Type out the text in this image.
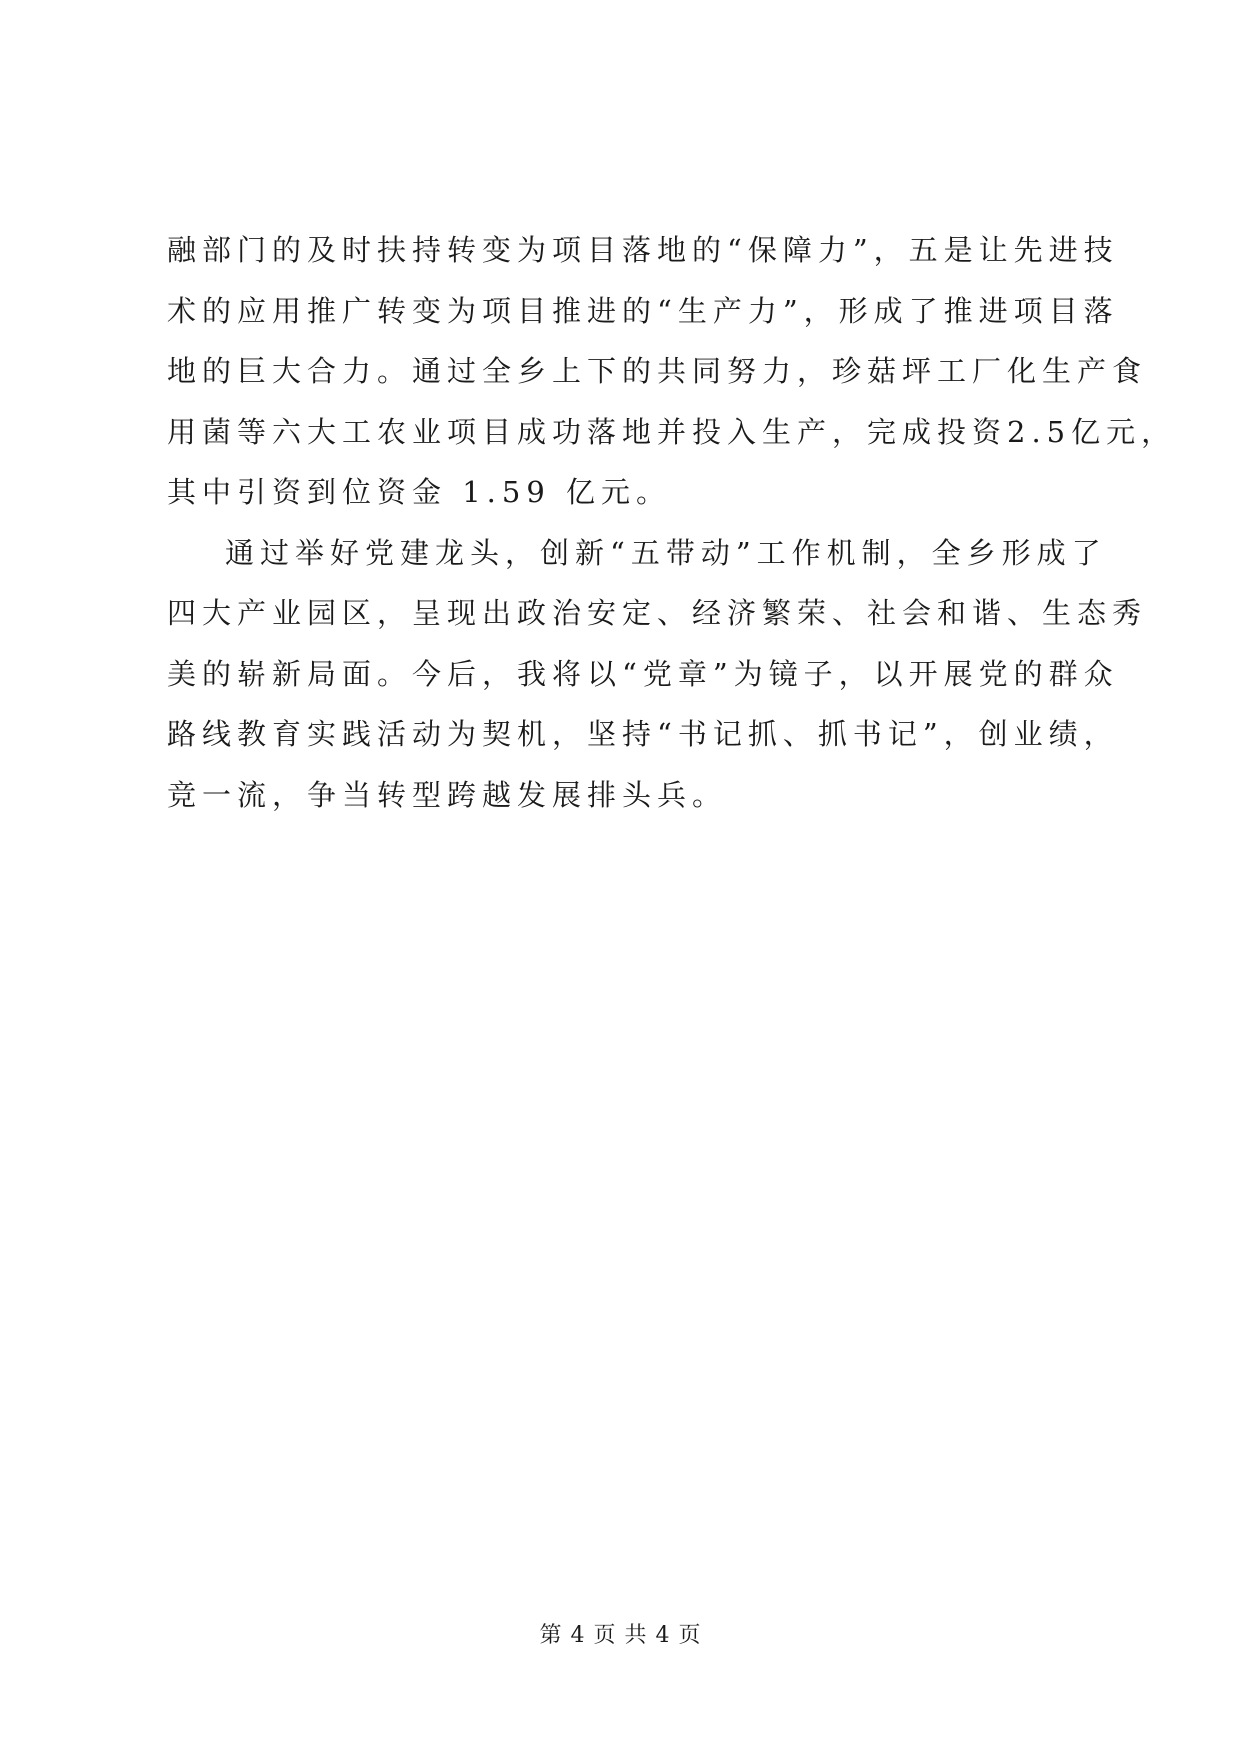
融部门的及时扶持转变为项目落地的“保障力”，五是让先进技
术的应用推广转变为项目推进的“生产力”，形成了推进项目落
地的巨大合力。通过全乡上下的共同努力，珍菇坪工厂化生产食
用菌等六大工农业项目成功落地并投入生产，完成投资2.5亿元，
其中引资到位资金 1.59 亿元。
通过举好党建龙头，创新“五带动”工作机制，全乡形成了
四大产业园区，呈现出政治安定、经济繁荣、社会和谐、生态秀
美的崭新局面。今后，我将以“党章”为镜子，以开展党的群众
路线教育实践活动为契机，坚持“书记抓、抓书记”，创业绩，
竞一流，争当转型跨越发展排头兵。
第 4 页 共 4 页
